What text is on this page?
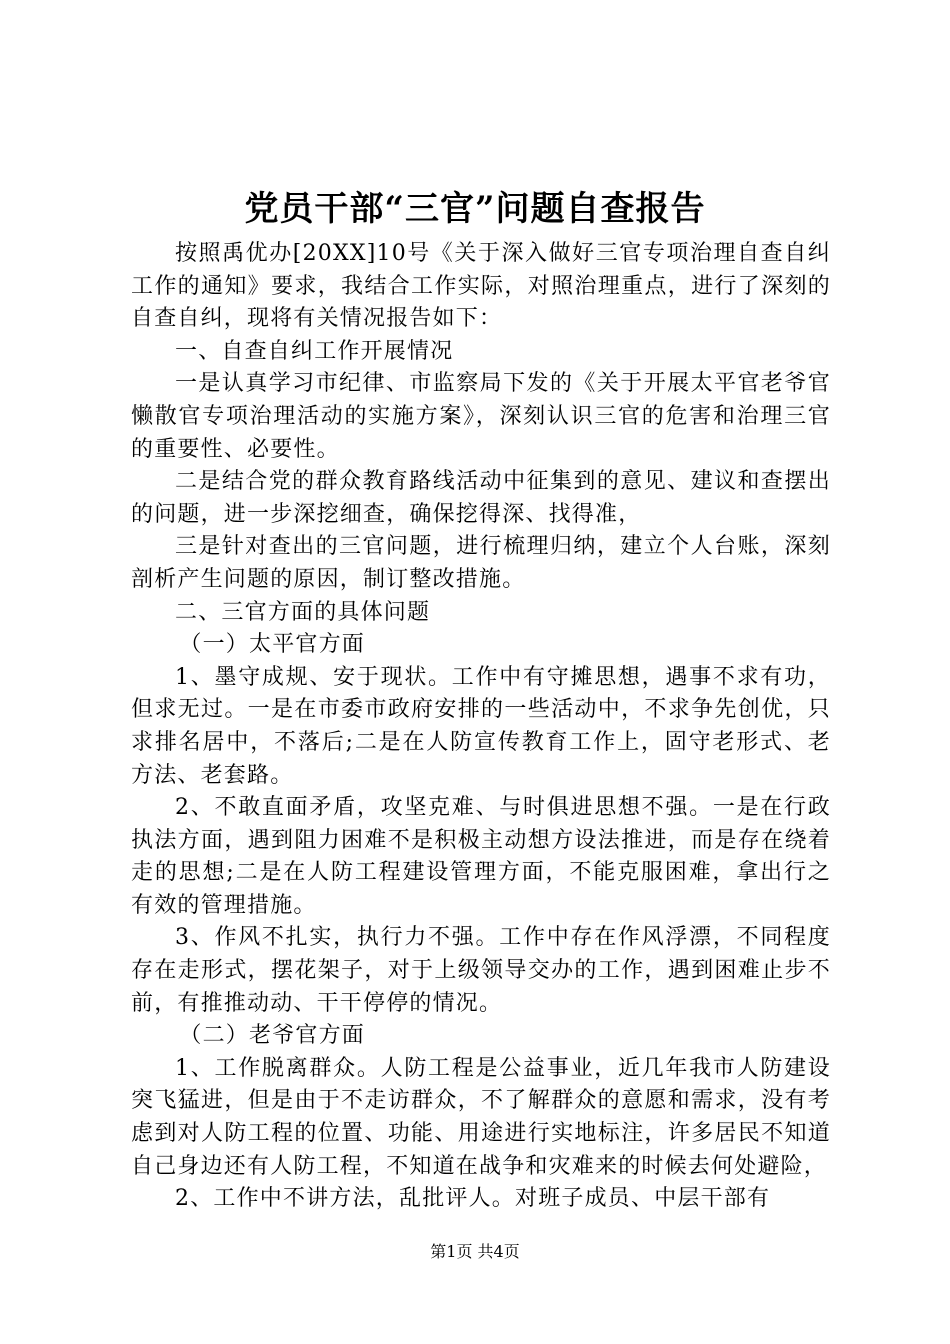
党员干部“三官”问题自查报告

按照禹优办[20XX]10号《关于深入做好三官专项治理自查自纠工作的通知》要求，我结合工作实际，对照治理重点，进行了深刻的自查自纠，现将有关情况报告如下：

一、自查自纠工作开展情况

一是认真学习市纪律、市监察局下发的《关于开展太平官老爷官懒散官专项治理活动的实施方案》，深刻认识三官的危害和治理三官的重要性、必要性。

二是结合党的群众教育路线活动中征集到的意见、建议和查摆出的问题，进一步深挖细查，确保挖得深、找得准，

三是针对查出的三官问题，进行梳理归纳，建立个人台账，深刻剖析产生问题的原因，制订整改措施。

二、三官方面的具体问题

（一）太平官方面

1、墨守成规、安于现状。工作中有守摊思想，遇事不求有功，但求无过。一是在市委市政府安排的一些活动中，不求争先创优，只求排名居中，不落后;二是在人防宣传教育工作上，固守老形式、老方法、老套路。

2、不敢直面矛盾，攻坚克难、与时俱进思想不强。一是在行政执法方面，遇到阻力困难不是积极主动想方设法推进，而是存在绕着走的思想;二是在人防工程建设管理方面，不能克服困难，拿出行之有效的管理措施。

3、作风不扎实，执行力不强。工作中存在作风浮漂，不同程度存在走形式，摆花架子，对于上级领导交办的工作，遇到困难止步不前，有推推动动、干干停停的情况。

（二）老爷官方面

1、工作脱离群众。人防工程是公益事业，近几年我市人防建设突飞猛进，但是由于不走访群众，不了解群众的意愿和需求，没有考虑到对人防工程的位置、功能、用途进行实地标注，许多居民不知道自己身边还有人防工程，不知道在战争和灾难来的时候去何处避险，

2、工作中不讲方法，乱批评人。对班子成员、中层干部有

第1页 共4页
